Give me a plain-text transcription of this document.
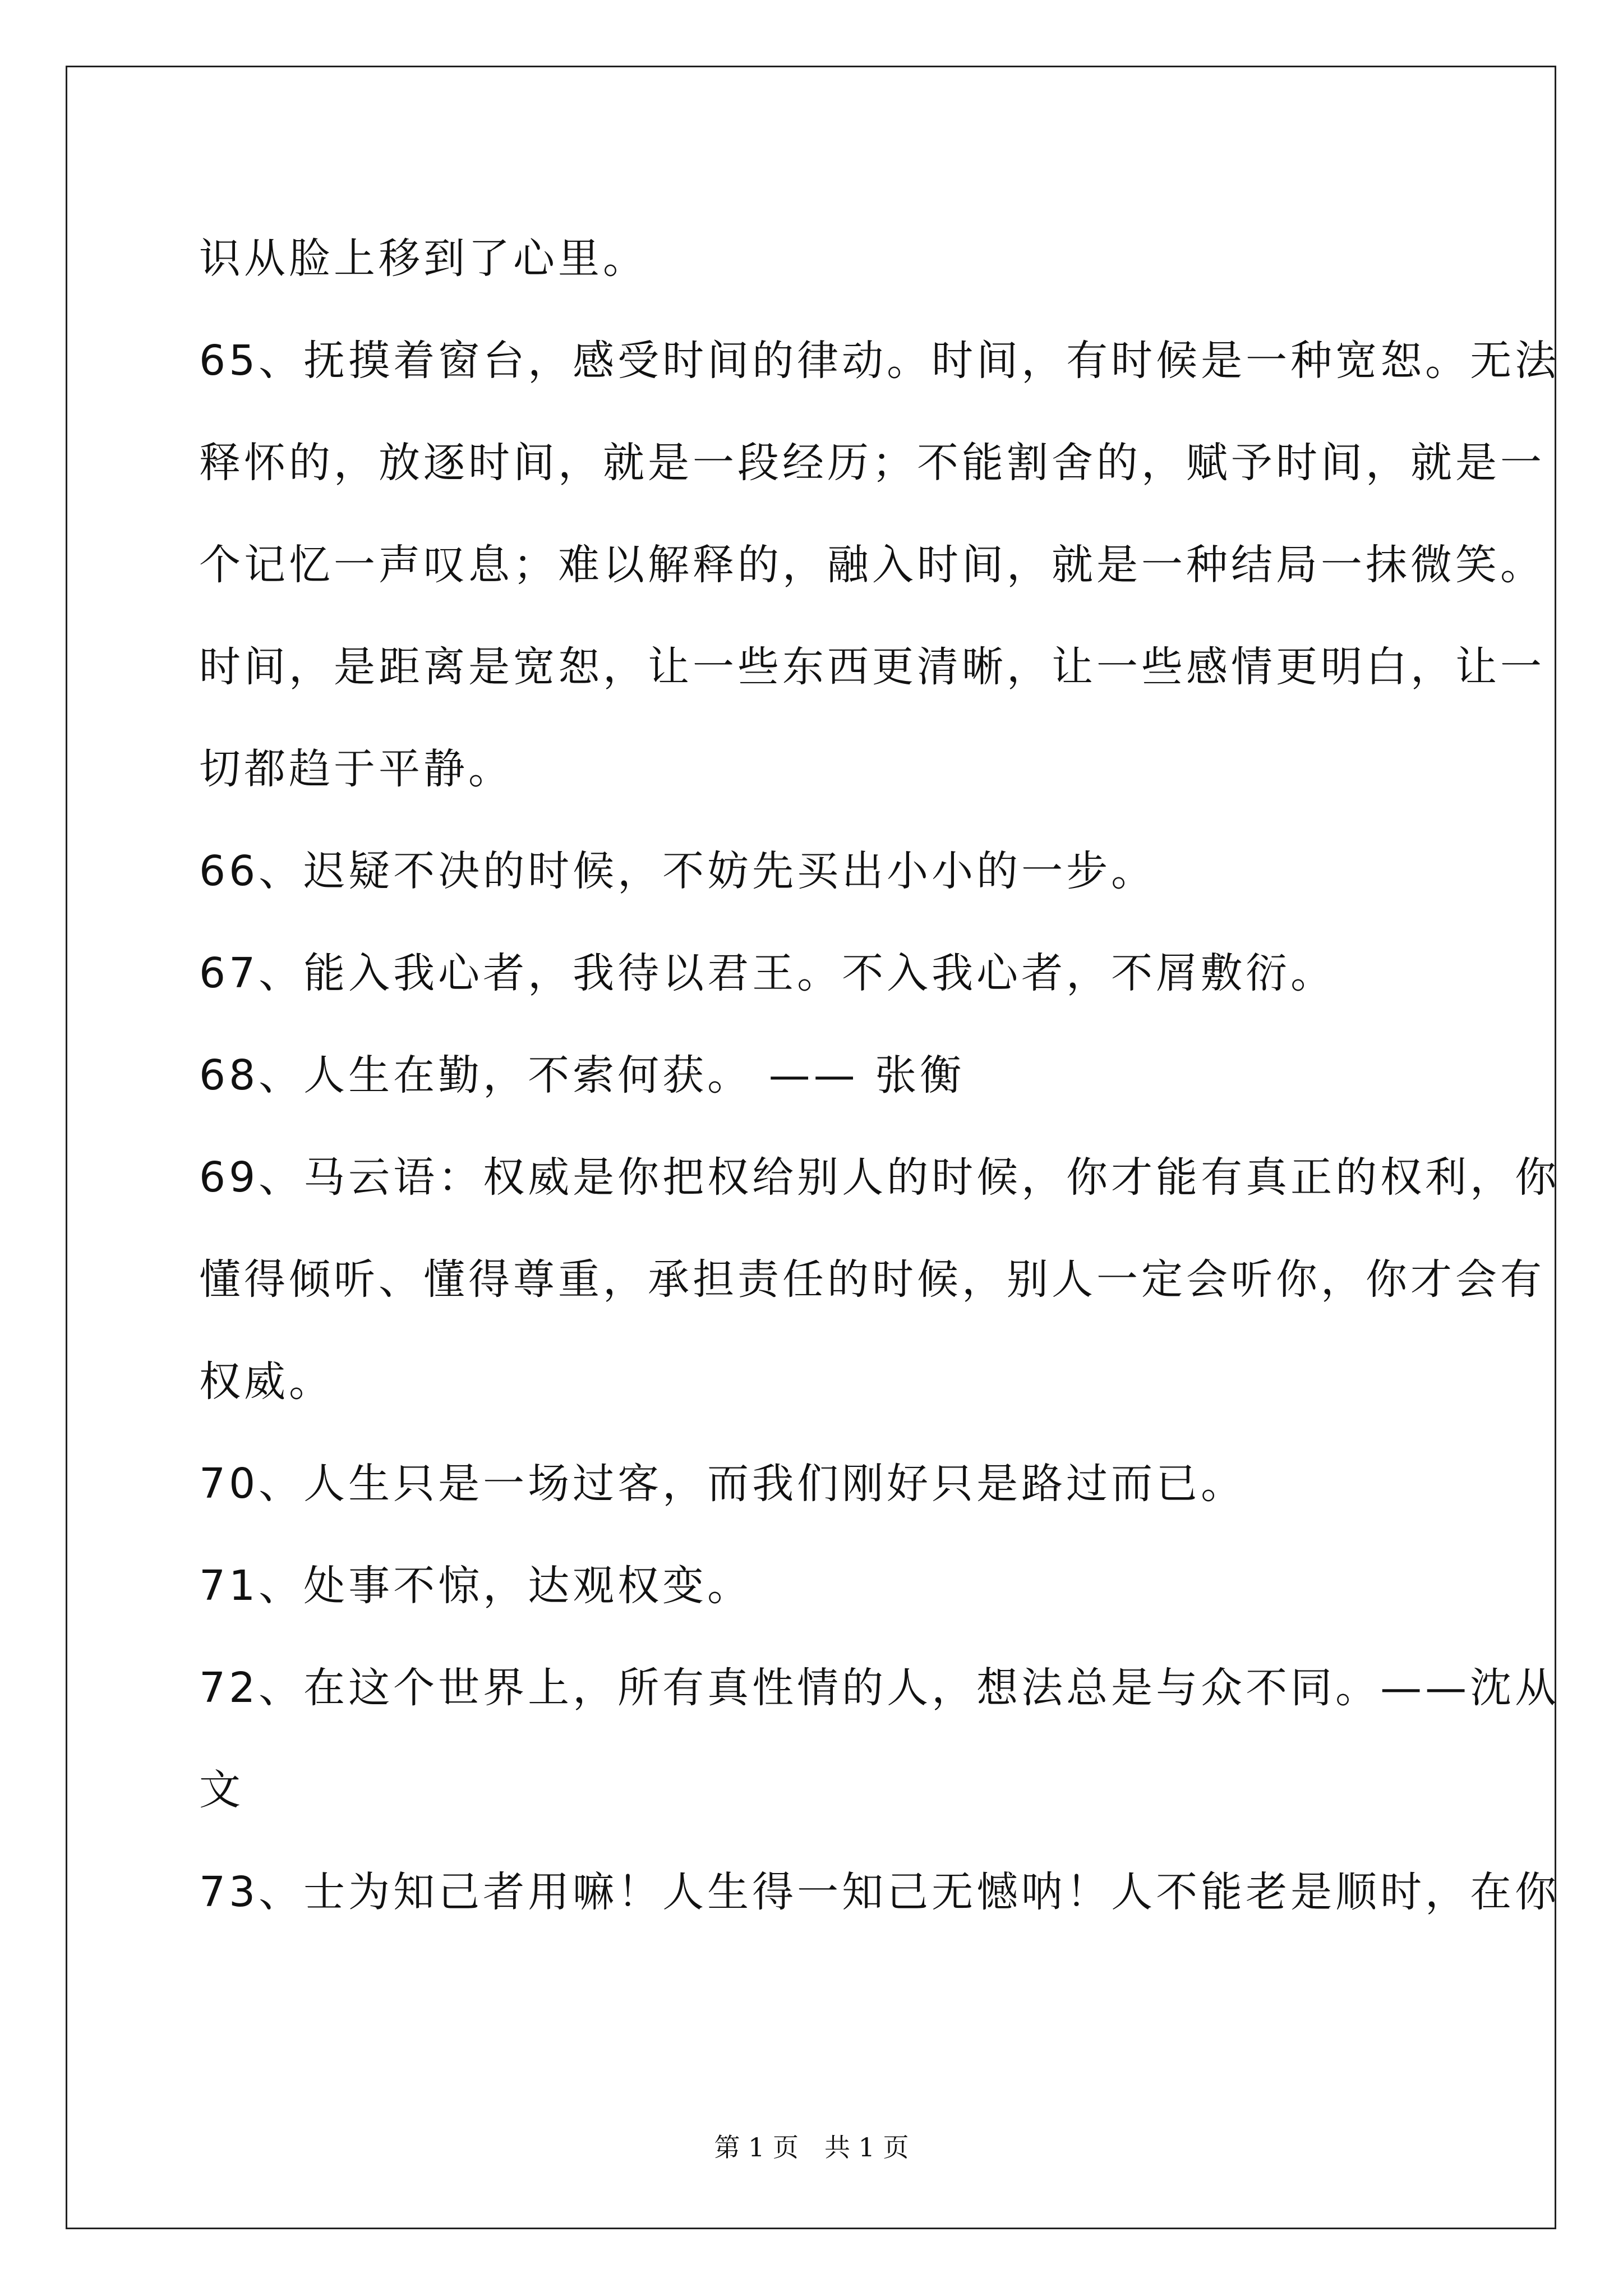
识从脸上移到了心里。
65、抚摸着窗台，感受时间的律动。时间，有时候是一种宽恕。无法
释怀的，放逐时间，就是一段经历；不能割舍的，赋予时间，就是一
个记忆一声叹息；难以解释的，融入时间，就是一种结局一抹微笑。
时间，是距离是宽恕，让一些东西更清晰，让一些感情更明白，让一
切都趋于平静。
66、迟疑不决的时候，不妨先买出小小的一步。
67、能入我心者，我待以君王。不入我心者，不屑敷衍。
68、人生在勤，不索何获。 —— 张衡
69、马云语：权威是你把权给别人的时候，你才能有真正的权利，你
懂得倾听、懂得尊重，承担责任的时候，别人一定会听你，你才会有
权威。
70、人生只是一场过客，而我们刚好只是路过而已。
71、处事不惊，达观权变。
72、在这个世界上，所有真性情的人，想法总是与众不同。——沈从
文
73、士为知己者用嘛！人生得一知己无憾呐！人不能老是顺时，在你
第 1 页　共 1 页
